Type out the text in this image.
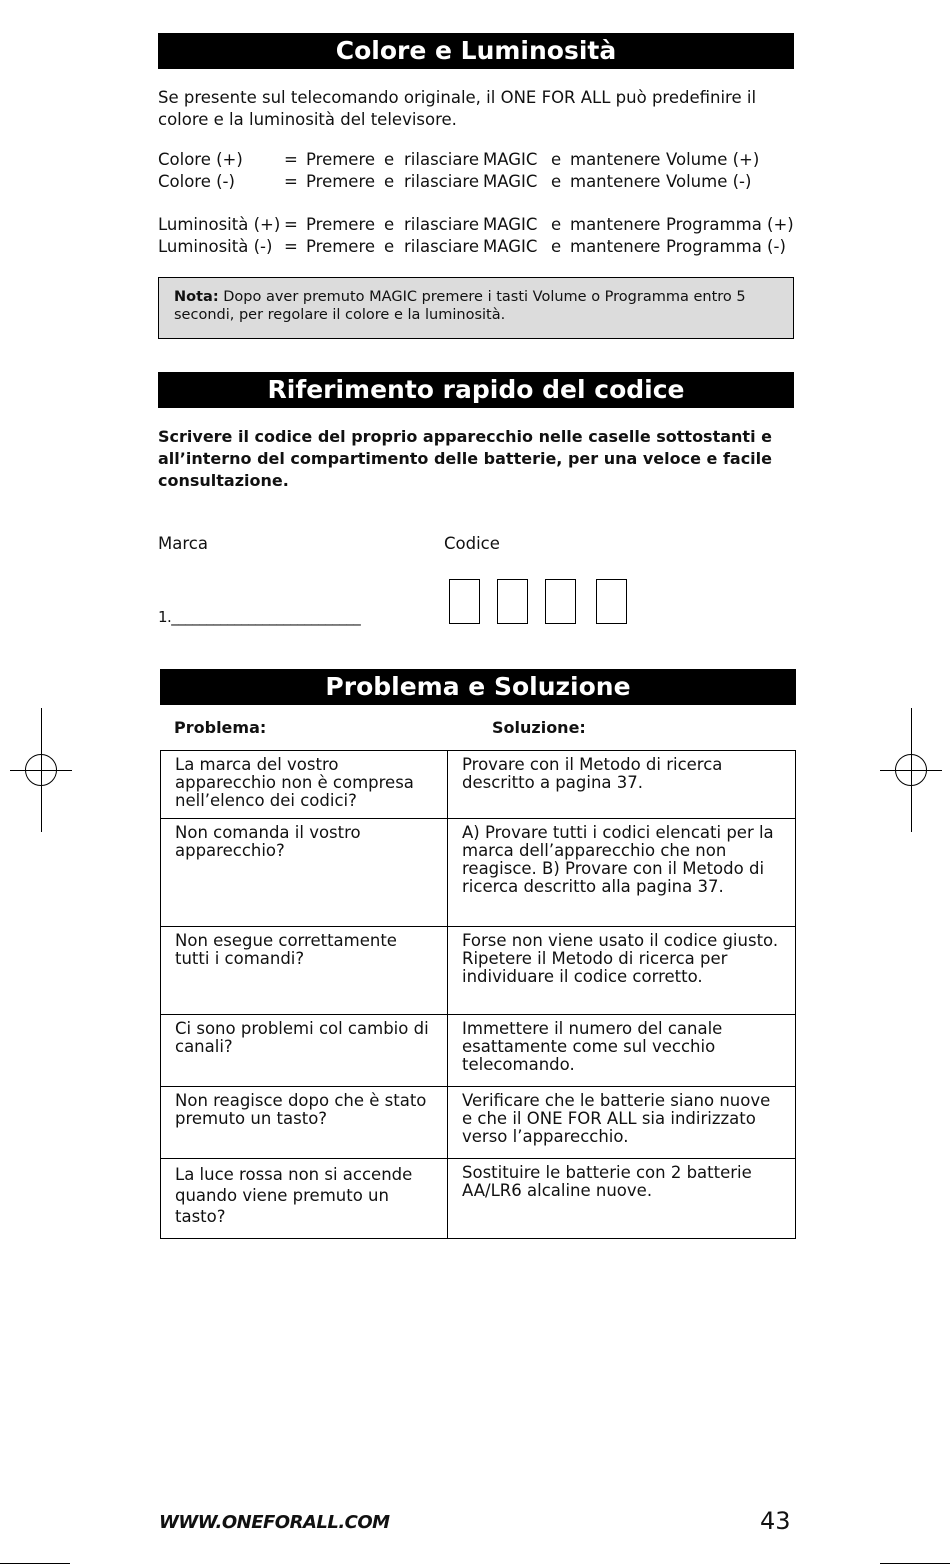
Colore e Luminosità
Se presente sul telecomando originale, il ONE FOR ALL può predefinire il colore e la luminosità del televisore.
Colore (+) = Premere e rilasciare MAGIC e mantenere Volume (+)
Colore (-)	= Premere e rilasciare MAGIC e mantenere Volume (-)
Luminosità (+) = Premere e rilasciare MAGIC e mantenere Programma (+)
Luminosità (-) = Premere e rilasciare MAGIC e mantenere Programma (-)
Nota: Dopo aver premuto MAGIC premere i tasti Volume o Programma entro 5 secondi, per regolare il colore e la luminosità.
Riferimento rapido del codice
Scrivere il codice del proprio apparecchio nelle caselle sottostanti e all’interno del compartimento delle batterie, per una veloce e facile consultazione.
Marca	Codice
1.___________________________
Problema e Soluzione
Problema:	Soluzione:
La marca del vostro apparecchio non è compresa nell’elenco dei codici?	Provare con il Metodo di ricerca descritto a pagina 37.
Non comanda il vostro apparecchio?	A) Provare tutti i codici elencati per la marca dell’apparecchio che non reagisce. B) Provare con il Metodo di ricerca descritto alla pagina 37.
Non esegue correttamente tutti i comandi?	Forse non viene usato il codice giusto. Ripetere il Metodo di ricerca per individuare il codice corretto.
Ci sono problemi col cambio di canali?	Immettere il numero del canale esattamente come sul vecchio telecomando.
Non reagisce dopo che è stato premuto un tasto?	Verificare che le batterie siano nuove e che il ONE FOR ALL sia indirizzato verso l’apparecchio.
La luce rossa non si accende quando viene premuto un tasto?	Sostituire le batterie con 2 batterie AA/LR6 alcaline nuove.
WWW.ONEFORALL.COM	43
